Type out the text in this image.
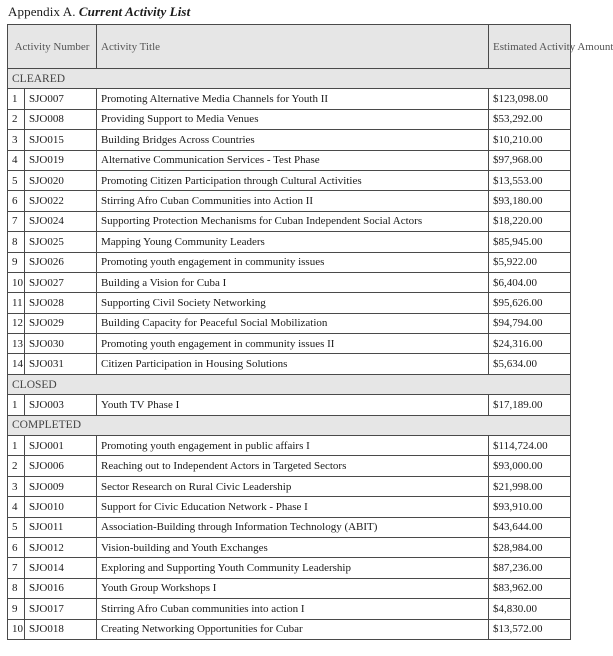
Appendix A. Current Activity List
Activity Number		Activity Title	Estimated Activity Amount
CLEARED			
1	SJO007	Promoting Alternative Media Channels for Youth II	$123,098.00
2	SJO008	Providing Support to Media Venues	$53,292.00
3	SJO015	Building Bridges Across Countries	$10,210.00
4	SJO019	Alternative Communication Services - Test Phase	$97,968.00
5	SJO020	Promoting Citizen Participation through Cultural Activities	$13,553.00
6	SJO022	Stirring Afro Cuban Communities into Action II	$93,180.00
7	SJO024	Supporting Protection Mechanisms for Cuban Independent Social Actors	$18,220.00
8	SJO025	Mapping Young Community Leaders	$85,945.00
9	SJO026	Promoting youth engagement in community issues	$5,922.00
10	SJO027	Building a Vision for Cuba I	$6,404.00
11	SJO028	Supporting Civil Society Networking	$95,626.00
12	SJO029	Building Capacity for Peaceful Social Mobilization	$94,794.00
13	SJO030	Promoting youth engagement in community issues II	$24,316.00
14	SJO031	Citizen Participation in Housing Solutions	$5,634.00
CLOSED			
1	SJO003	Youth TV Phase I	$17,189.00
COMPLETED			
1	SJO001	Promoting youth engagement in public affairs I	$114,724.00
2	SJO006	Reaching out to Independent Actors in Targeted Sectors	$93,000.00
3	SJO009	Sector Research on Rural Civic Leadership	$21,998.00
4	SJO010	Support for Civic Education Network - Phase I	$93,910.00
5	SJO011	Association-Building through Information Technology (ABIT)	$43,644.00
6	SJO012	Vision-building and Youth Exchanges	$28,984.00
7	SJO014	Exploring and Supporting Youth Community Leadership	$87,236.00
8	SJO016	Youth Group Workshops I	$83,962.00
9	SJO017	Stirring Afro Cuban communities into action I	$4,830.00
10	SJO018	Creating Networking Opportunities for Cubar	$13,572.00
